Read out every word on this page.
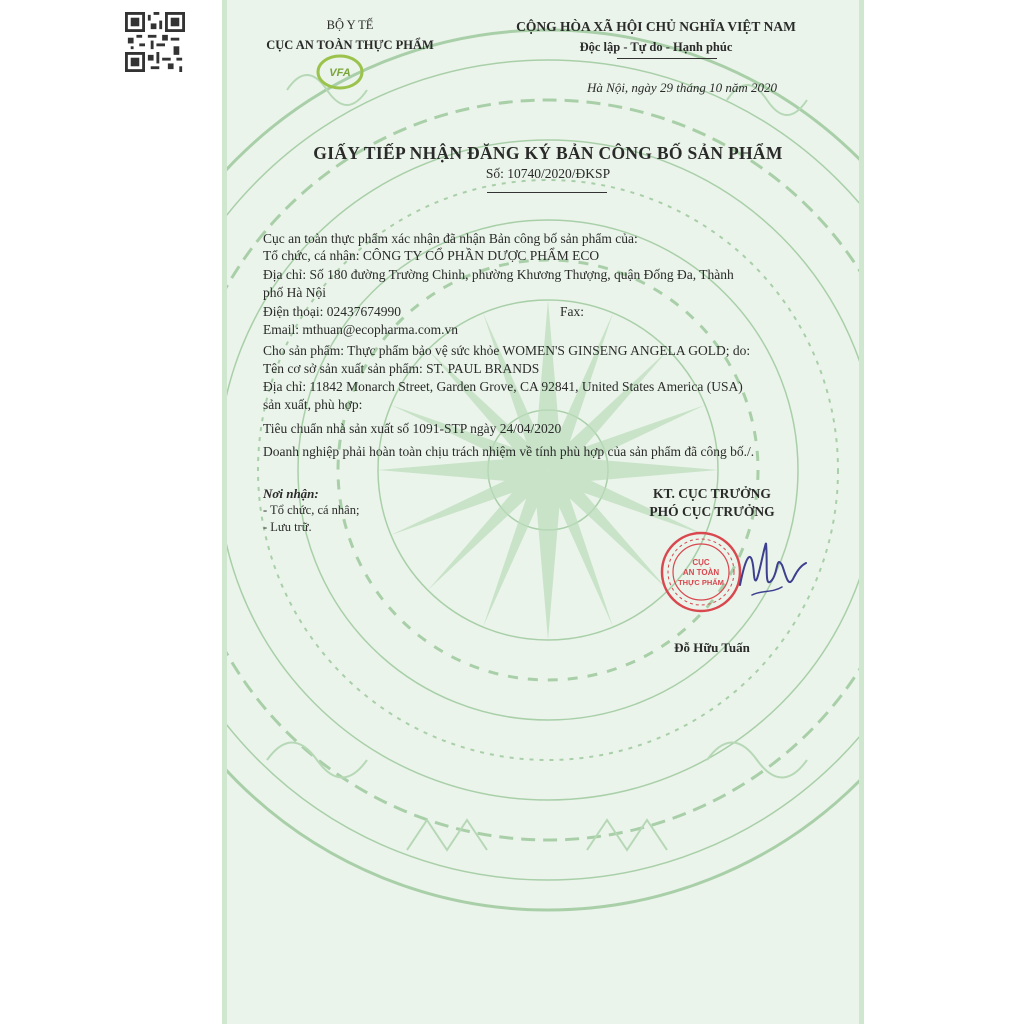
BỘ Y TẾ
CỤC AN TOÀN THỰC PHẨM
VFA
CỘNG HÒA XÃ HỘI CHỦ NGHĨA VIỆT NAM
Độc lập - Tự do - Hạnh phúc
Hà Nội, ngày 29 tháng 10 năm 2020
GIẤY TIẾP NHẬN ĐĂNG KÝ BẢN CÔNG BỐ SẢN PHẨM
Số: 10740/2020/ĐKSP
Cục an toàn thực phẩm xác nhận đã nhận Bản công bố sản phẩm của:
Tổ chức, cá nhân: CÔNG TY CỔ PHẦN DƯỢC PHẨM ECO
Địa chỉ: Số 180 đường Trường Chinh, phường Khương Thượng, quận Đống Đa, Thành
phố Hà Nội
Điện thoại: 02437674990	Fax:
Email: mthuan@ecopharma.com.vn
Cho sản phẩm: Thực phẩm bảo vệ sức khỏe WOMEN'S GINSENG ANGELA GOLD; do:
Tên cơ sở sản xuất sản phẩm: ST. PAUL BRANDS
Địa chỉ: 11842 Monarch Street, Garden Grove, CA 92841, United States America (USA)
sản xuất, phù hợp:
Tiêu chuẩn nhà sản xuất số 1091-STP ngày 24/04/2020
Doanh nghiệp phải hoàn toàn chịu trách nhiệm về tính phù hợp của sản phẩm đã công bố./.
Nơi nhận:
- Tổ chức, cá nhân;
- Lưu trữ.
KT. CỤC TRƯỞNG
PHÓ CỤC TRƯỞNG
CỤC
AN TOÀN
THỰC PHẨM
Đỗ Hữu Tuấn
